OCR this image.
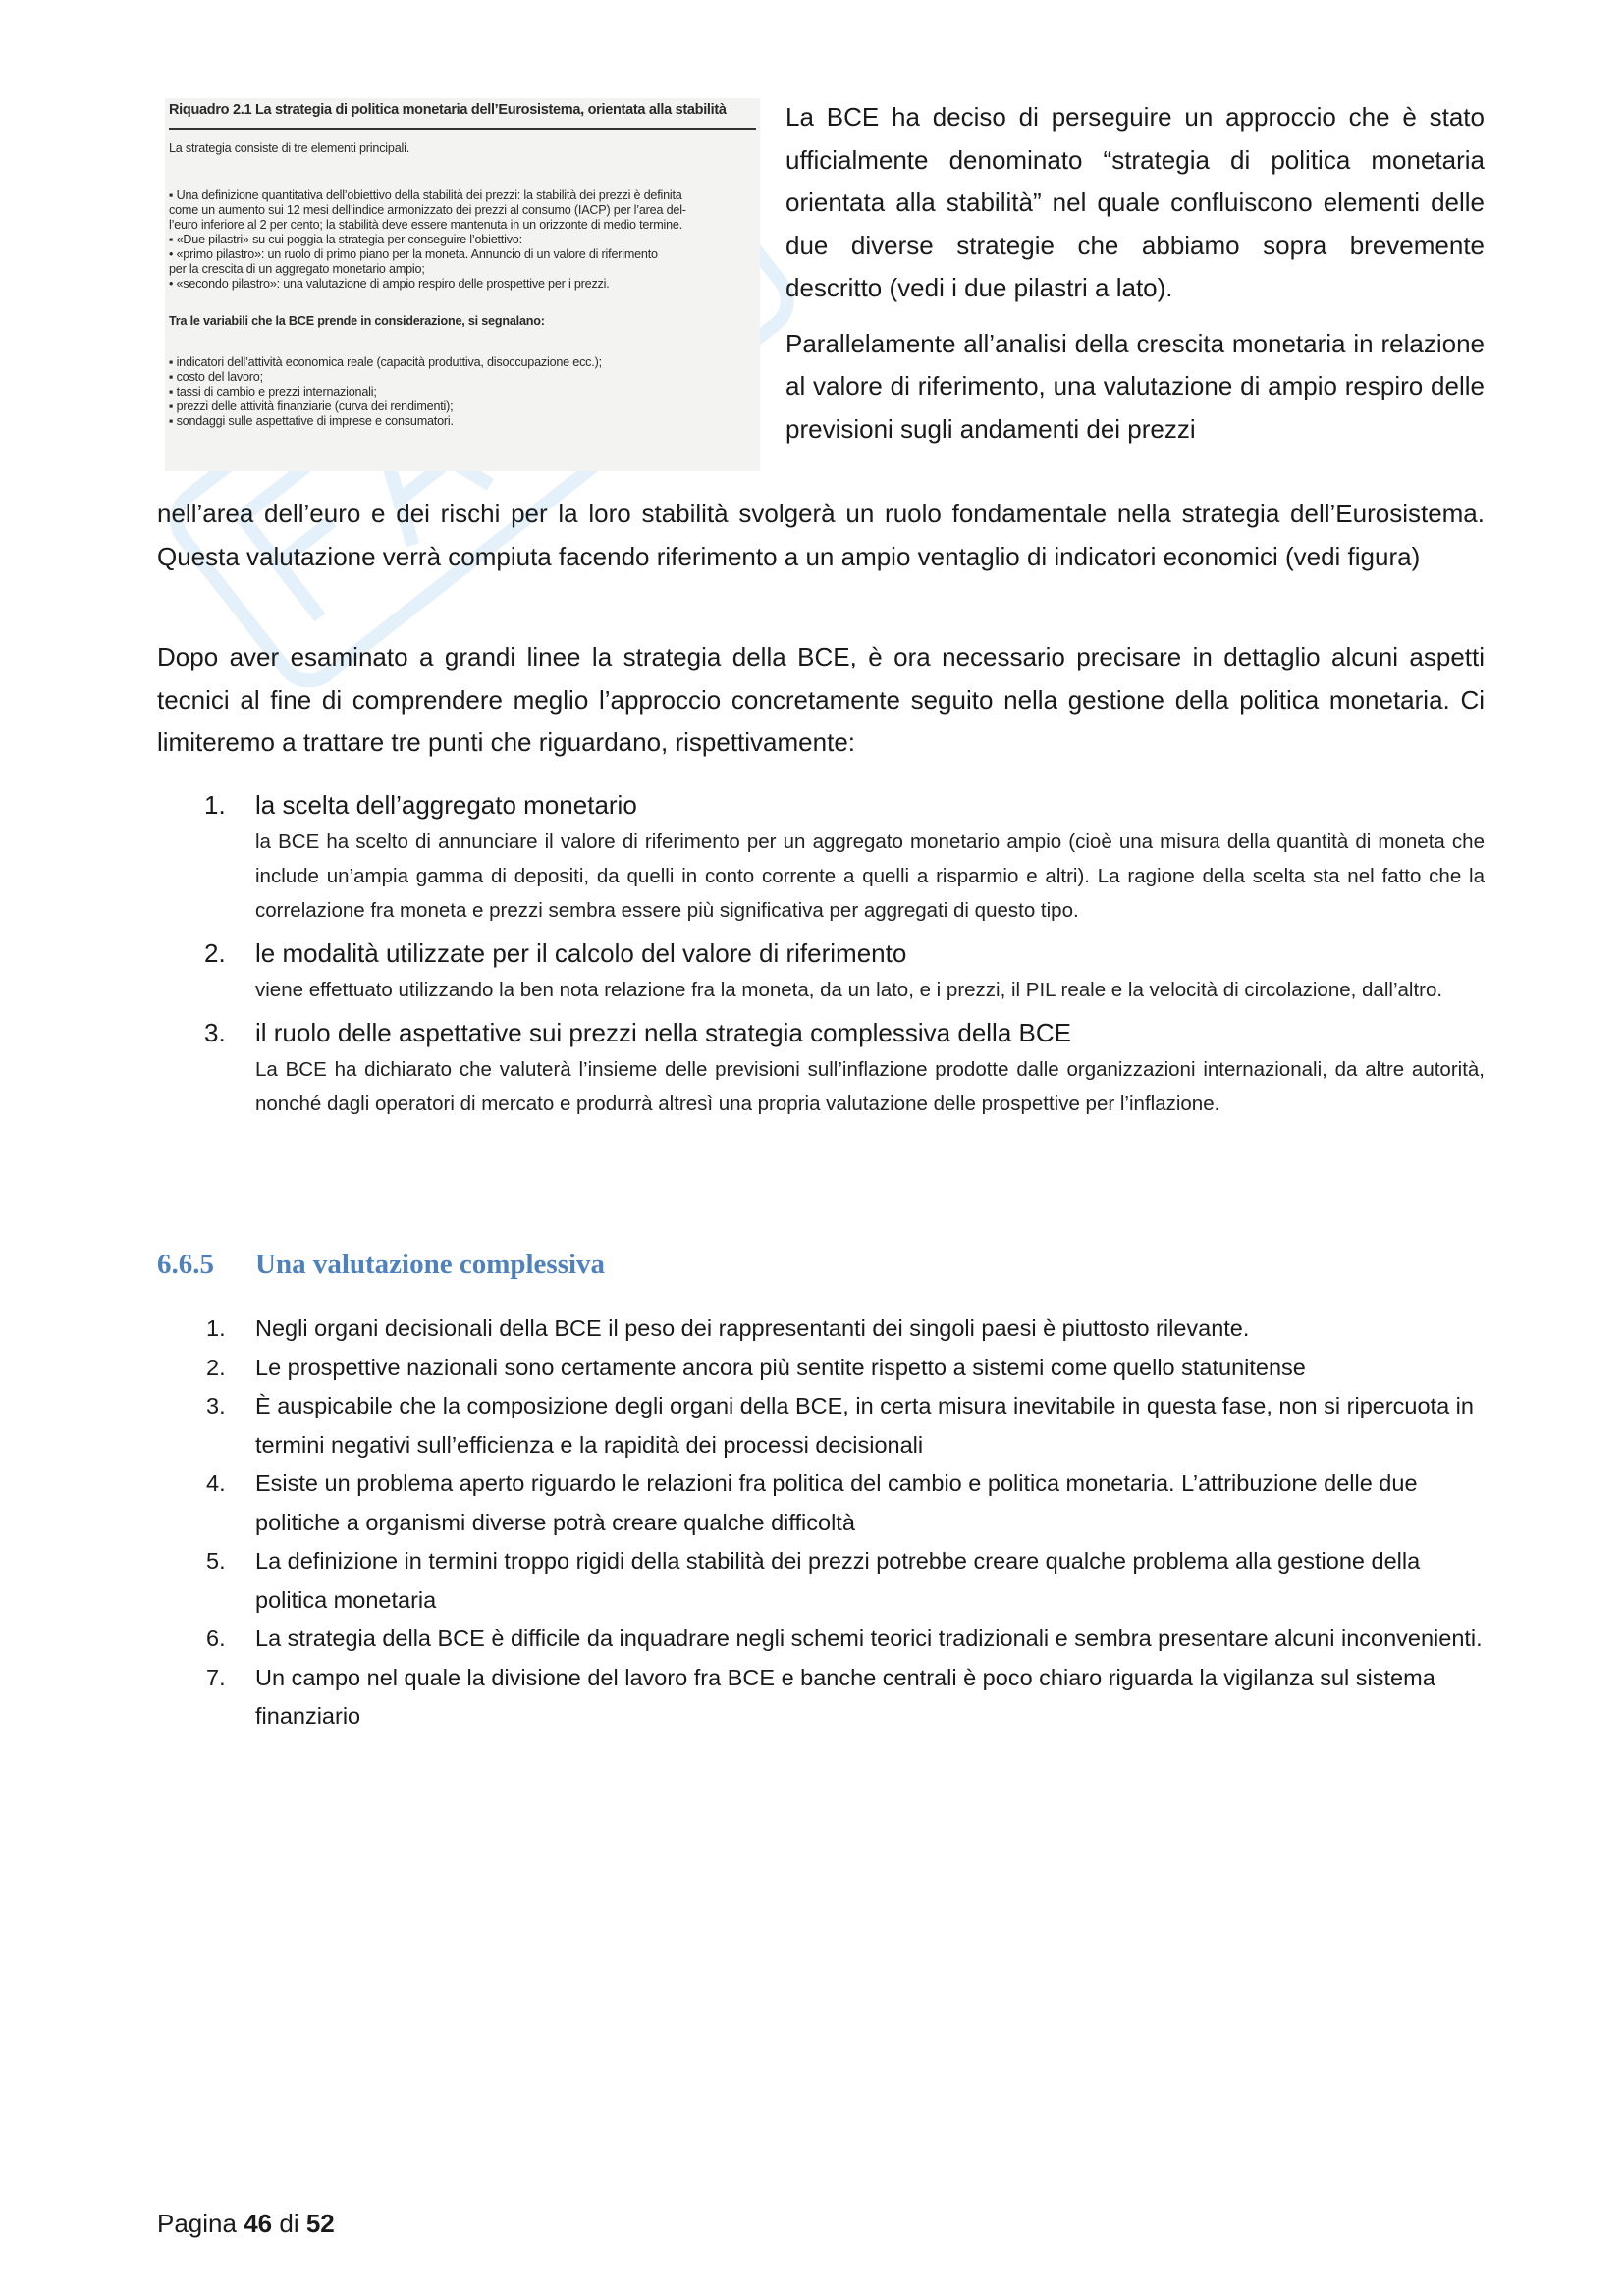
Riquadro 2.1 La strategia di politica monetaria dell’Eurosistema, orientata alla stabilità
La strategia consiste di tre elementi principali.
▪ Una definizione quantitativa dell’obiettivo della stabilità dei prezzi: la stabilità dei prezzi è definita
come un aumento sui 12 mesi dell’indice armonizzato dei prezzi al consumo (IACP) per l’area del-
l’euro inferiore al 2 per cento; la stabilità deve essere mantenuta in un orizzonte di medio termine.
▪ «Due pilastri» su cui poggia la strategia per conseguire l’obiettivo:
• «primo pilastro»: un ruolo di primo piano per la moneta. Annuncio di un valore di riferimento
per la crescita di un aggregato monetario ampio;
• «secondo pilastro»: una valutazione di ampio respiro delle prospettive per i prezzi.
Tra le variabili che la BCE prende in considerazione, si segnalano:
▪ indicatori dell’attività economica reale (capacità produttiva, disoccupazione ecc.);
▪ costo del lavoro;
▪ tassi di cambio e prezzi internazionali;
▪ prezzi delle attività finanziarie (curva dei rendimenti);
▪ sondaggi sulle aspettative di imprese e consumatori.

La BCE ha deciso di perseguire un approccio che è stato ufficialmente denominato “strategia di politica monetaria orientata alla stabilità” nel quale confluiscono elementi delle due diverse strategie che abbiamo sopra brevemente descritto (vedi i due pilastri a lato).

Parallelamente all’analisi della crescita monetaria in relazione al valore di riferimento, una valutazione di ampio respiro delle previsioni sugli andamenti dei prezzi

nell’area dell’euro e dei rischi per la loro stabilità svolgerà un ruolo fondamentale nella strategia dell’Eurosistema. Questa valutazione verrà compiuta facendo riferimento a un ampio ventaglio di indicatori economici (vedi figura)

Dopo aver esaminato a grandi linee la strategia della BCE, è ora necessario precisare in dettaglio alcuni aspetti tecnici al fine di comprendere meglio l’approccio concretamente seguito nella gestione della politica monetaria. Ci limiteremo a trattare tre punti che riguardano, rispettivamente:

1. la scelta dell’aggregato monetario
la BCE ha scelto di annunciare il valore di riferimento per un aggregato monetario ampio (cioè una misura della quantità di moneta che include un’ampia gamma di depositi, da quelli in conto corrente a quelli a risparmio e altri). La ragione della scelta sta nel fatto che la correlazione fra moneta e prezzi sembra essere più significativa per aggregati di questo tipo.
2. le modalità utilizzate per il calcolo del valore di riferimento
viene effettuato utilizzando la ben nota relazione fra la moneta, da un lato, e i prezzi, il PIL reale e la velocità di circolazione, dall’altro.
3. il ruolo delle aspettative sui prezzi nella strategia complessiva della BCE
La BCE ha dichiarato che valuterà l’insieme delle previsioni sull’inflazione prodotte dalle organizzazioni internazionali, da altre autorità, nonché dagli operatori di mercato e produrrà altresì una propria valutazione delle prospettive per l’inflazione.
6.6.5 Una valutazione complessiva
1. Negli organi decisionali della BCE il peso dei rappresentanti dei singoli paesi è piuttosto rilevante.
2. Le prospettive nazionali sono certamente ancora più sentite rispetto a sistemi come quello statunitense
3. È auspicabile che la composizione degli organi della BCE, in certa misura inevitabile in questa fase, non si ripercuota in termini negativi sull’efficienza e la rapidità dei processi decisionali
4. Esiste un problema aperto riguardo le relazioni fra politica del cambio e politica monetaria. L’attribuzione delle due politiche a organismi diverse potrà creare qualche difficoltà
5. La definizione in termini troppo rigidi della stabilità dei prezzi potrebbe creare qualche problema alla gestione della politica monetaria
6. La strategia della BCE è difficile da inquadrare negli schemi teorici tradizionali e sembra presentare alcuni inconvenienti.
7. Un campo nel quale la divisione del lavoro fra BCE e banche centrali è poco chiaro riguarda la vigilanza sul sistema finanziario
Pagina 46 di 52
